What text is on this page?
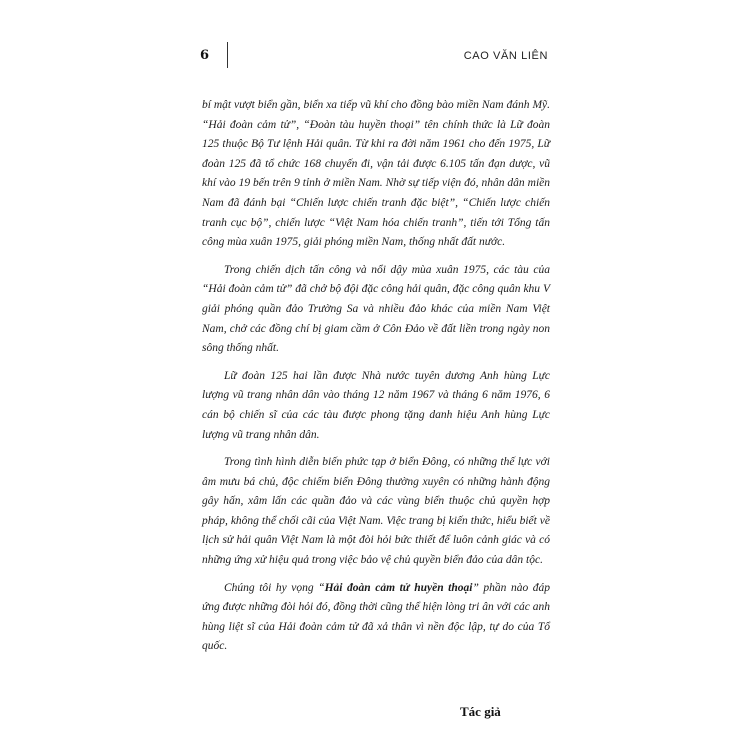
6	CAO VĂN LIÊN

bí mật vượt biển gần, biển xa tiếp vũ khí cho đồng bào miền Nam đánh Mỹ. “Hải đoàn cảm tử”, “Đoàn tàu huyền thoại” tên chính thức là Lữ đoàn 125 thuộc Bộ Tư lệnh Hải quân. Từ khi ra đời năm 1961 cho đến 1975, Lữ đoàn 125 đã tổ chức 168 chuyến đi, vận tải được 6.105 tấn đạn dược, vũ khí vào 19 bến trên 9 tỉnh ở miền Nam. Nhờ sự tiếp viện đó, nhân dân miền Nam đã đánh bại “Chiến lược chiến tranh đặc biệt”, “Chiến lược chiến tranh cục bộ”, chiến lược “Việt Nam hóa chiến tranh”, tiến tới Tổng tấn công mùa xuân 1975, giải phóng miền Nam, thống nhất đất nước.

Trong chiến dịch tấn công và nổi dậy mùa xuân 1975, các tàu của “Hải đoàn cảm tử” đã chở bộ đội đặc công hải quân, đặc công quân khu V giải phóng quần đảo Trường Sa và nhiều đảo khác của miền Nam Việt Nam, chở các đồng chí bị giam cầm ở Côn Đảo về đất liền trong ngày non sông thống nhất.

Lữ đoàn 125 hai lần được Nhà nước tuyên dương Anh hùng Lực lượng vũ trang nhân dân vào tháng 12 năm 1967 và tháng 6 năm 1976, 6 cán bộ chiến sĩ của các tàu được phong tặng danh hiệu Anh hùng Lực lượng vũ trang nhân dân.

Trong tình hình diễn biến phức tạp ở biển Đông, có những thế lực với âm mưu bá chủ, độc chiếm biển Đông thường xuyên có những hành động gây hấn, xâm lấn các quần đảo và các vùng biển thuộc chủ quyền hợp pháp, không thể chối cãi của Việt Nam. Việc trang bị kiến thức, hiểu biết về lịch sử hải quân Việt Nam là một đòi hỏi bức thiết để luôn cảnh giác và có những ứng xử hiệu quả trong việc bảo vệ chủ quyền biển đảo của dân tộc.

Chúng tôi hy vọng “Hải đoàn cảm tử huyền thoại” phần nào đáp ứng được những đòi hỏi đó, đồng thời cũng thể hiện lòng tri ân với các anh hùng liệt sĩ của Hải đoàn cảm tử đã xả thân vì nền độc lập, tự do của Tổ quốc.

Tác giả
